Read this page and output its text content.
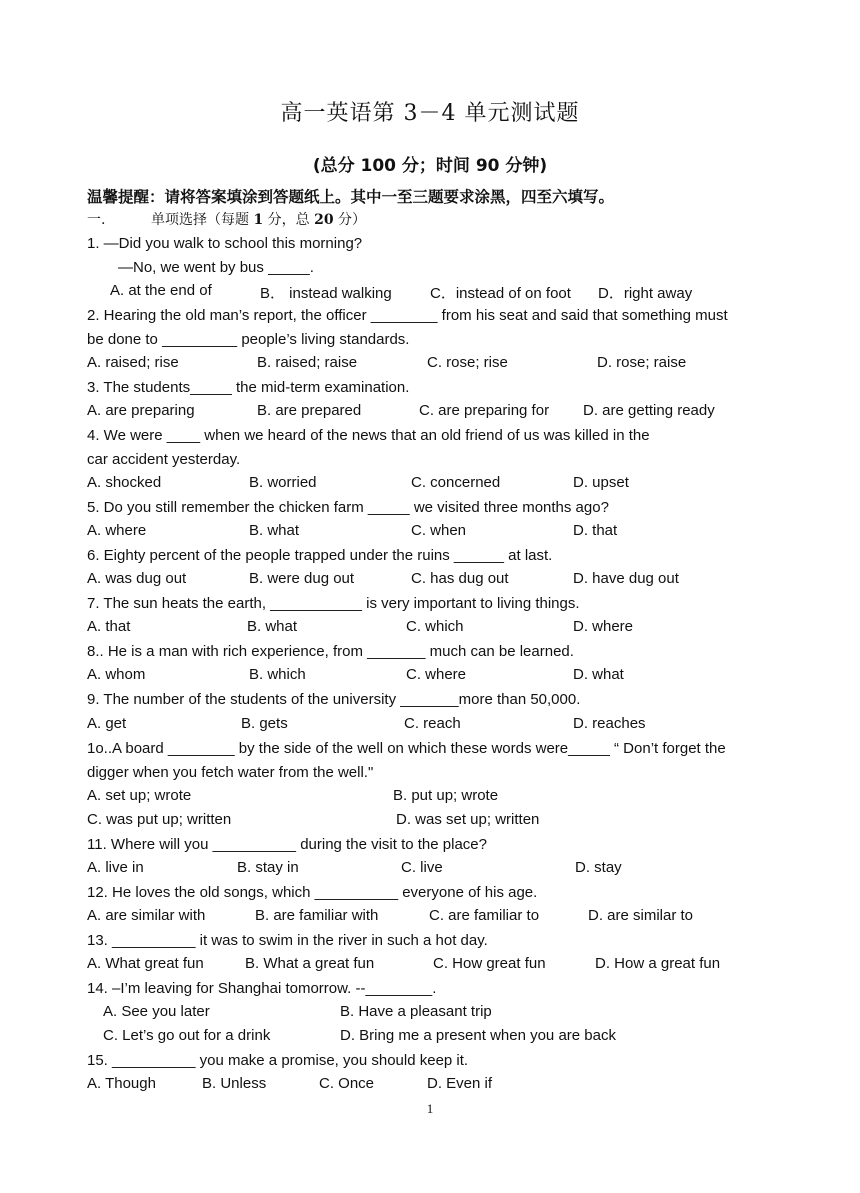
高一英语第 3－4 单元测试题
(总分 100 分；时间 90 分钟)
温馨提醒：请将答案填涂到答题纸上。其中一至三题要求涂黑，四至六填写。
一.	单项选择（每题 1 分，总 20 分）
1. —Did you walk to school this morning?
—No, we went by bus _____.
A. at the end of	B． instead walking	C．instead of on foot D．right away
2. Hearing the old man’s report, the officer ________ from his seat and said that something must
be done to _________ people’s living standards.
A. raised; rise	B. raised; raise	C. rose; rise	D. rose; raise
3. The students_____ the mid-term examination.
A. are preparing	B. are prepared	C. are preparing for D. are getting ready
4. We were ____ when we heard of the news that an old friend of us was killed in the
car accident yesterday.
A. shocked	B. worried	C. concerned	D. upset
5. Do you still remember the chicken farm _____ we visited three months ago?
A. where	B. what	C. when	D. that
6. Eighty percent of the people trapped under the ruins ______ at last.
A. was dug out	B. were dug out	C. has dug out	D. have dug out
7. The sun heats the earth, ___________ is very important to living things.
A. that	B. what	C. which	D. where
8.. He is a man with rich experience, from _______ much can be learned.
A. whom	B. which	C. where	D. what
9. The number of the students of the university _______more than 50,000.
A. get	B. gets	C. reach	D. reaches
1o..A board ________ by the side of the well on which these words were_____ “ Don’t forget the
digger when you fetch water from the well."
A. set up; wrote	B. put up; wrote
C. was put up; written	D. was set up; written
11. Where will you __________ during the visit to the place?
A. live in	B. stay in	C. live	D. stay
12. He loves the old songs, which __________ everyone of his age.
A. are similar with	B. are familiar with	C. are familiar to	D. are similar to
13. __________ it was to swim in the river in such a hot day.
A. What great fun	B. What a great fun	C. How great fun	D. How a great fun
14. –I’m leaving for Shanghai tomorrow. --________.
A. See you later	B. Have a pleasant trip
C. Let’s go out for a drink	D. Bring me a present when you are back
15. __________ you make a promise, you should keep it.
A. Though	B. Unless	C. Once	D. Even if
1
